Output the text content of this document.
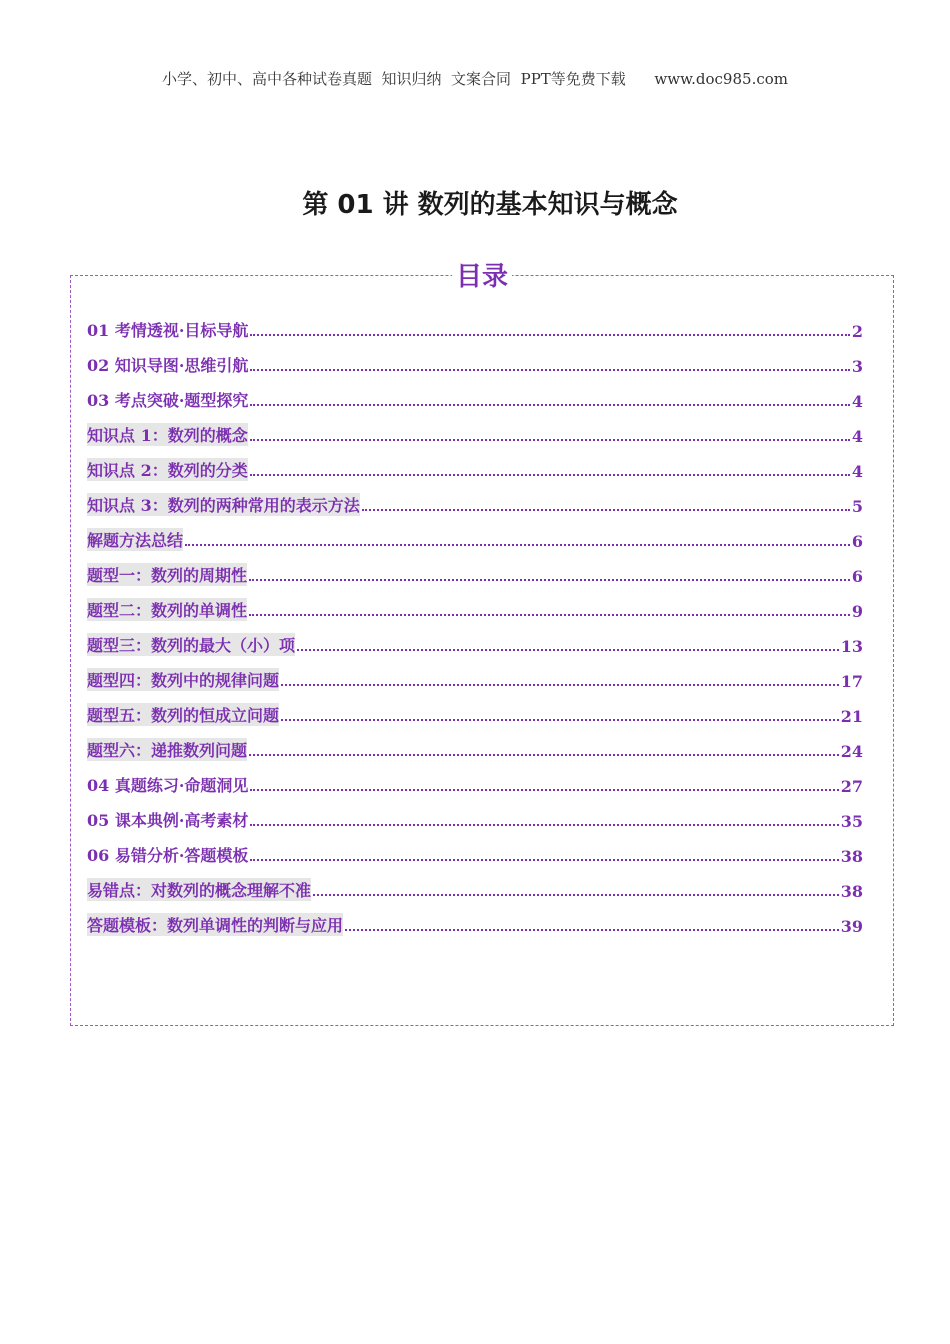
小学、初中、高中各种试卷真题  知识归纳  文案合同  PPT等免费下载      www.doc985.com
第 01 讲 数列的基本知识与概念
目录
01 考情透视·目标导航	2
02 知识导图·思维引航	3
03 考点突破·题型探究	4
知识点 1：数列的概念	4
知识点 2：数列的分类	4
知识点 3：数列的两种常用的表示方法	5
解题方法总结	6
题型一：数列的周期性	6
题型二：数列的单调性	9
题型三：数列的最大（小）项	13
题型四：数列中的规律问题	17
题型五：数列的恒成立问题	21
题型六：递推数列问题	24
04 真题练习·命题洞见	27
05 课本典例·高考素材	35
06 易错分析·答题模板	38
易错点：对数列的概念理解不准	38
答题模板：数列单调性的判断与应用	39
